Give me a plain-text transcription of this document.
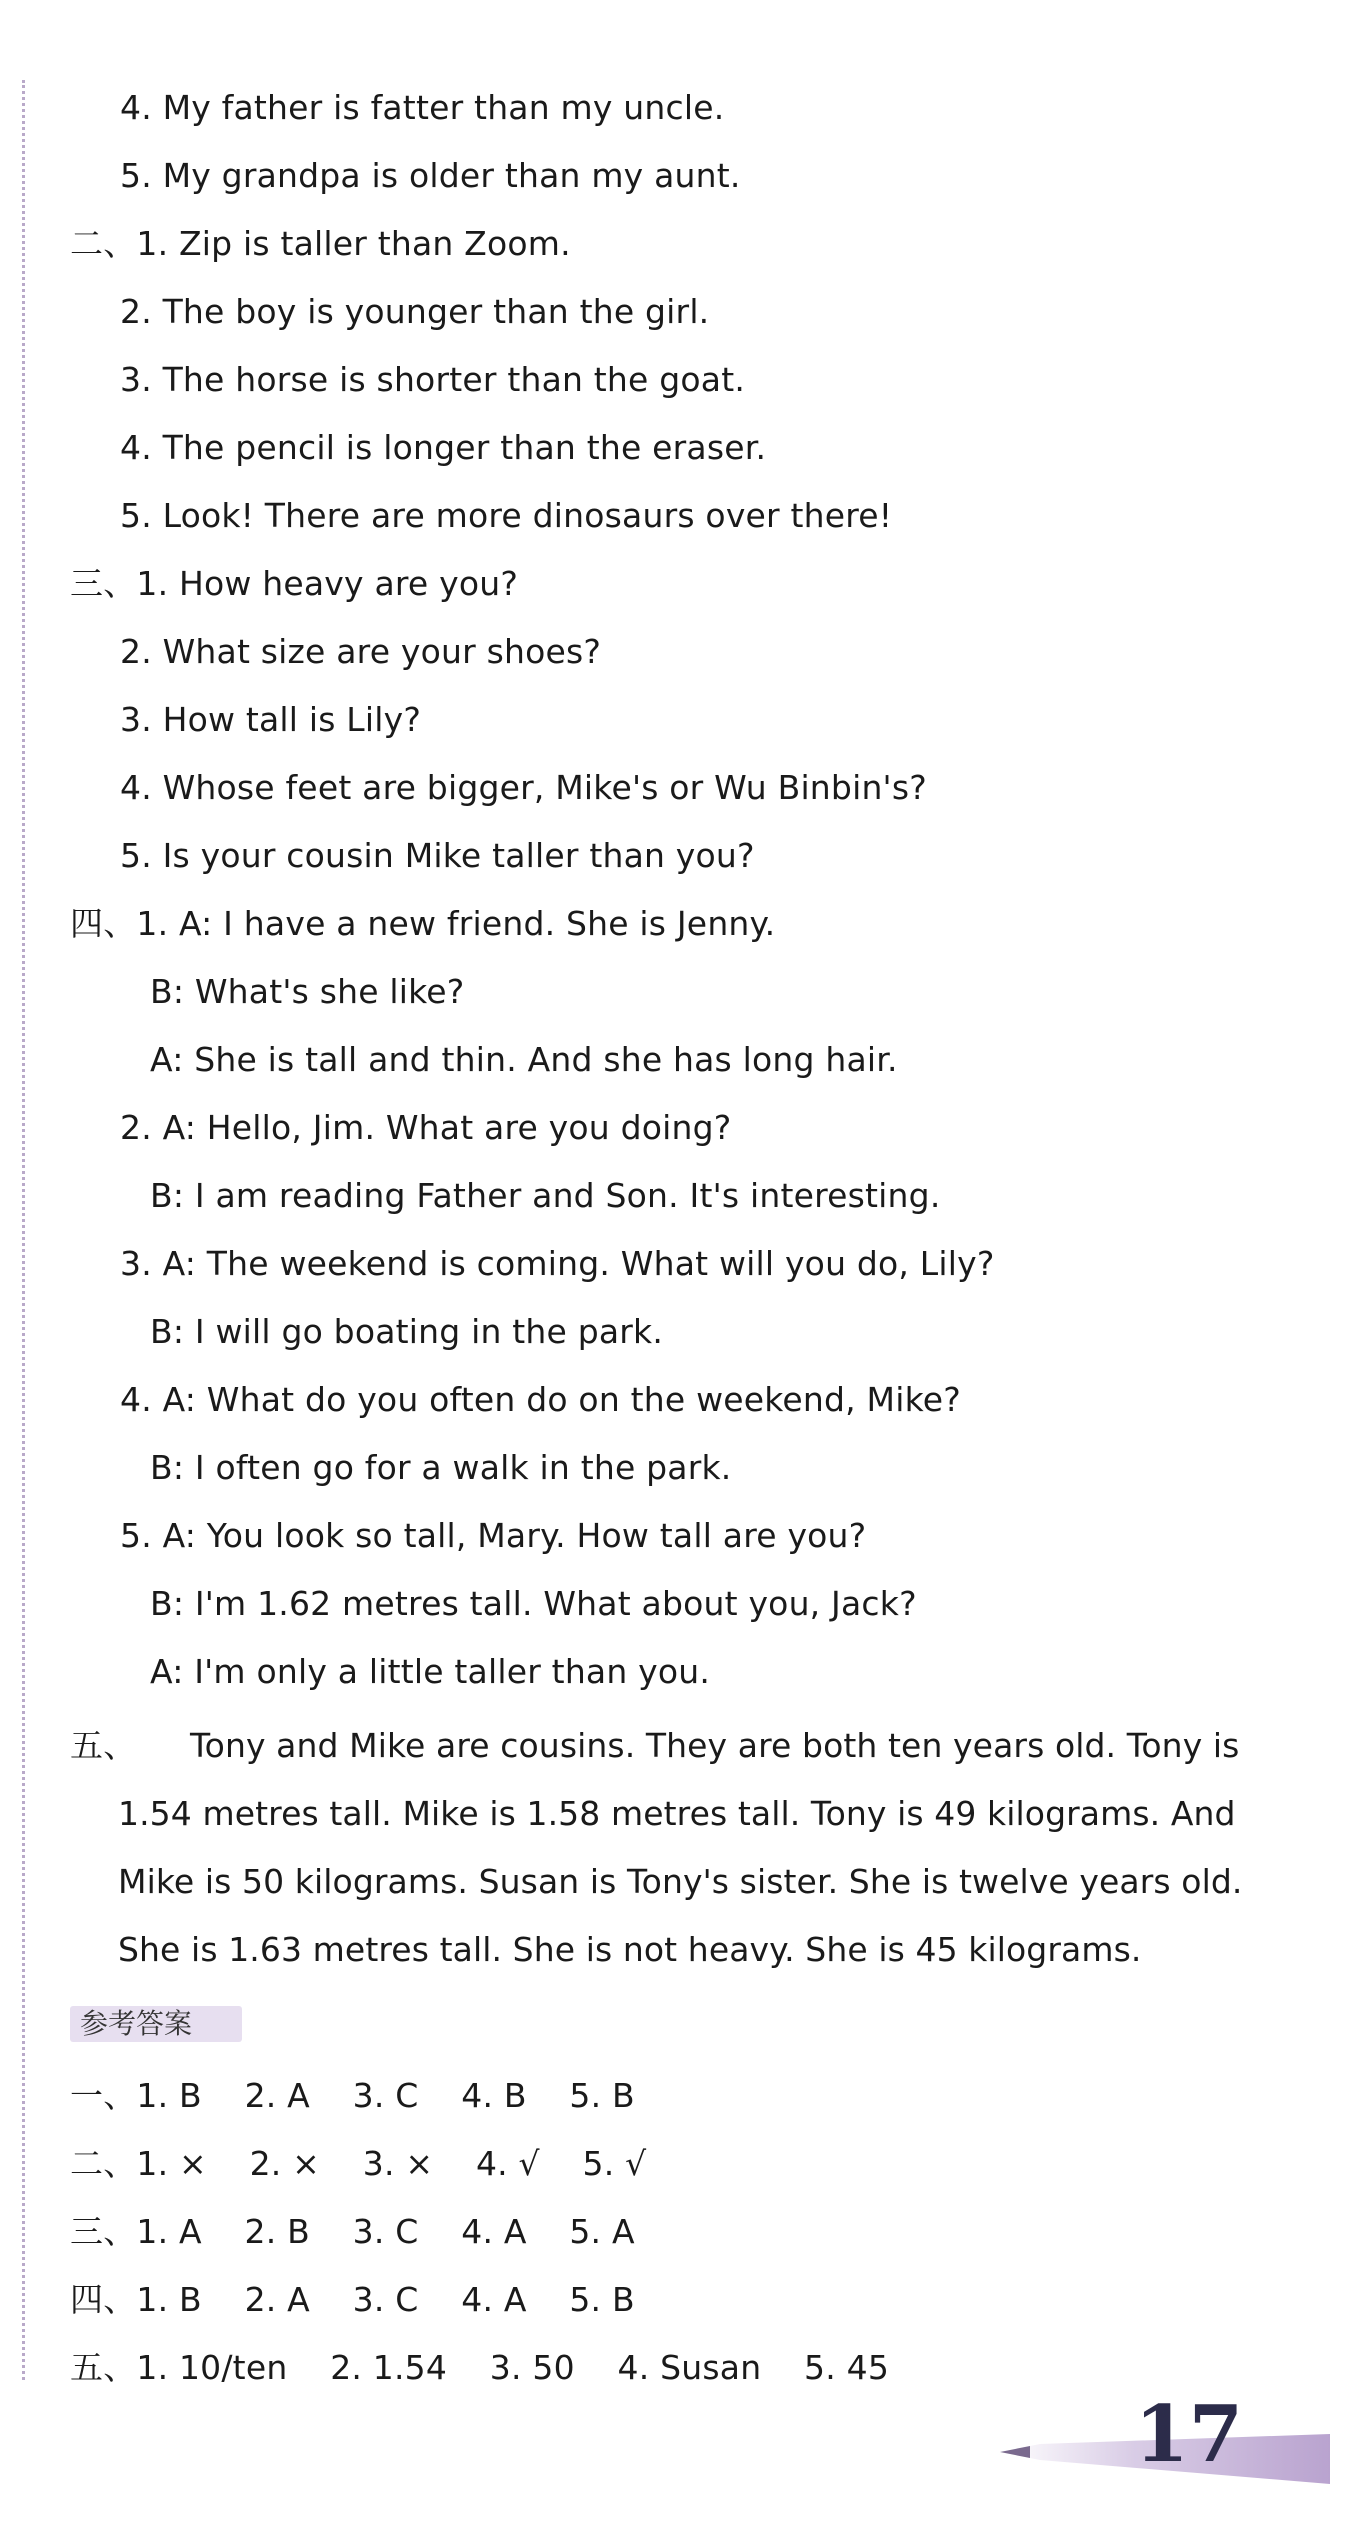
4. My father is fatter than my uncle.
5. My grandpa is older than my aunt.
二、1. Zip is taller than Zoom.
2. The boy is younger than the girl.
3. The horse is shorter than the goat.
4. The pencil is longer than the eraser.
5. Look! There are more dinosaurs over there!
三、1. How heavy are you?
2. What size are your shoes?
3. How tall is Lily?
4. Whose feet are bigger, Mike's or Wu Binbin's?
5. Is your cousin Mike taller than you?
四、1. A: I have a new friend. She is Jenny.
B: What's she like?
A: She is tall and thin. And she has long hair.
2. A: Hello, Jim. What are you doing?
B: I am reading Father and Son. It's interesting.
3. A: The weekend is coming. What will you do, Lily?
B: I will go boating in the park.
4. A: What do you often do on the weekend, Mike?
B: I often go for a walk in the park.
5. A: You look so tall, Mary. How tall are you?
B: I'm 1.62 metres tall. What about you, Jack?
A: I'm only a little taller than you.
五、 Tony and Mike are cousins. They are both ten years old. Tony is
1.54 metres tall. Mike is 1.58 metres tall. Tony is 49 kilograms. And
Mike is 50 kilograms. Susan is Tony's sister. She is twelve years old.
She is 1.63 metres tall. She is not heavy. She is 45 kilograms.
参考答案
一、1. B    2. A    3. C    4. B    5. B
二、1. ×    2. ×    3. ×    4. √    5. √
三、1. A    2. B    3. C    4. A    5. A
四、1. B    2. A    3. C    4. A    5. B
五、1. 10/ten    2. 1.54    3. 50    4. Susan    5. 45
17
